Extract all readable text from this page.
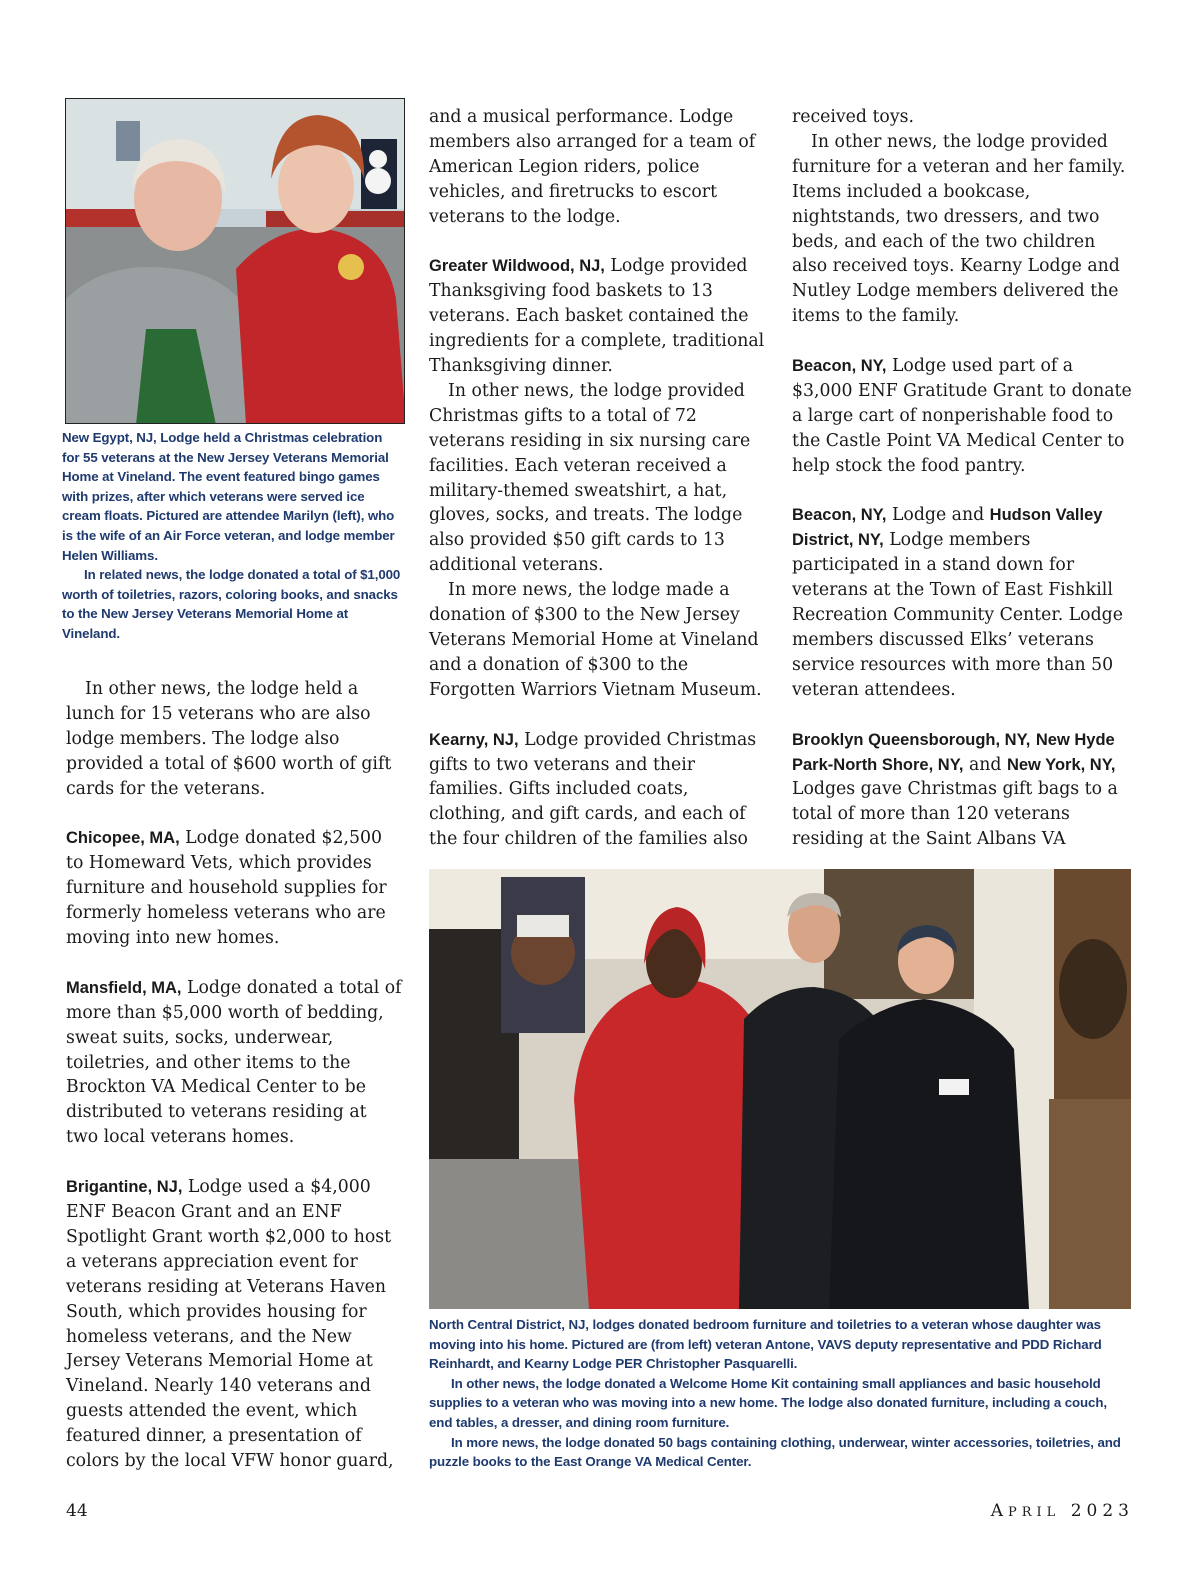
New Egypt, NJ, Lodge held a Christmas celebration for 55 veterans at the New Jersey Veterans Memorial Home at Vineland. The event featured bingo games with prizes, after which veterans were served ice cream floats. Pictured are attendee Marilyn (left), who is the wife of an Air Force veteran, and lodge member Helen Williams.

In related news, the lodge donated a total of $1,000 worth of toiletries, razors, coloring books, and snacks to the New Jersey Veterans Memorial Home at Vineland.

In other news, the lodge held a lunch for 15 veterans who are also lodge members. The lodge also provided a total of $600 worth of gift cards for the veterans.

Chicopee, MA, Lodge donated $2,500 to Homeward Vets, which provides furniture and household supplies for formerly homeless veterans who are moving into new homes.

Mansfield, MA, Lodge donated a total of more than $5,000 worth of bedding, sweat suits, socks, underwear, toiletries, and other items to the Brockton VA Medical Center to be distributed to veterans residing at two local veterans homes.

Brigantine, NJ, Lodge used a $4,000 ENF Beacon Grant and an ENF Spotlight Grant worth $2,000 to host a veterans appreciation event for veterans residing at Veterans Haven South, which provides housing for homeless veterans, and the New Jersey Veterans Memorial Home at Vineland. Nearly 140 veterans and guests attended the event, which featured dinner, a presentation of colors by the local VFW honor guard,

and a musical performance. Lodge members also arranged for a team of American Legion riders, police vehicles, and firetrucks to escort veterans to the lodge.

Greater Wildwood, NJ, Lodge provided Thanksgiving food baskets to 13 veterans. Each basket contained the ingredients for a complete, traditional Thanksgiving dinner.

In other news, the lodge provided Christmas gifts to a total of 72 veterans residing in six nursing care facilities. Each veteran received a military-themed sweatshirt, a hat, gloves, socks, and treats. The lodge also provided $50 gift cards to 13 additional veterans.

In more news, the lodge made a donation of $300 to the New Jersey Veterans Memorial Home at Vineland and a donation of $300 to the Forgotten Warriors Vietnam Museum.

Kearny, NJ, Lodge provided Christmas gifts to two veterans and their families. Gifts included coats, clothing, and gift cards, and each of the four children of the families also

received toys.

In other news, the lodge provided furniture for a veteran and her family. Items included a bookcase, nightstands, two dressers, and two beds, and each of the two children also received toys. Kearny Lodge and Nutley Lodge members delivered the items to the family.

Beacon, NY, Lodge used part of a $3,000 ENF Gratitude Grant to donate a large cart of nonperishable food to the Castle Point VA Medical Center to help stock the food pantry.

Beacon, NY, Lodge and Hudson Valley District, NY, Lodge members participated in a stand down for veterans at the Town of East Fishkill Recreation Community Center. Lodge members discussed Elks’ veterans service resources with more than 50 veteran attendees.

Brooklyn Queensborough, NY, New Hyde Park-North Shore, NY, and New York, NY, Lodges gave Christmas gift bags to a total of more than 120 veterans residing at the Saint Albans VA

North Central District, NJ, lodges donated bedroom furniture and toiletries to a veteran whose daughter was moving into his home. Pictured are (from left) veteran Antone, VAVS deputy representative and PDD Richard Reinhardt, and Kearny Lodge PER Christopher Pasquarelli.

In other news, the lodge donated a Welcome Home Kit containing small appliances and basic household supplies to a veteran who was moving into a new home. The lodge also donated furniture, including a couch, end tables, a dresser, and dining room furniture.

In more news, the lodge donated 50 bags containing clothing, underwear, winter accessories, toiletries, and puzzle books to the East Orange VA Medical Center.

44	APRIL 2023
